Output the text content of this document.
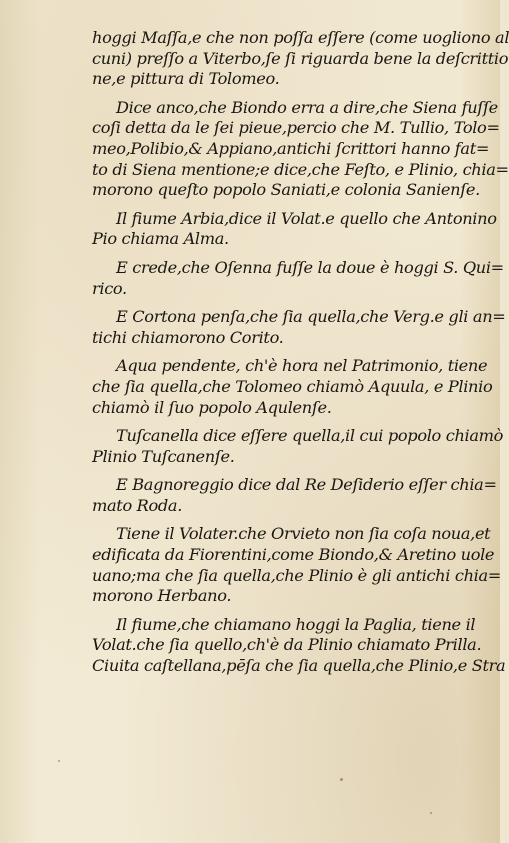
hoggi Maſſa,e che non poſſa eſſere (come uogliono al
cuni) preſſo a Viterbo,ſe ſi riguarda bene la deſcrittio
ne,e pittura di Tolomeo.
Dice anco,che Biondo erra a dire,che Siena fuſſe
coſi detta da le ſei pieue,percio che M. Tullio, Tolo=
meo,Polibio,& Appiano,antichi ſcrittori hanno fat=
to di Siena mentione;e dice,che Feſto, e Plinio, chia=
morono queſto popolo Saniati,e colonia Sanienſe.
Il fiume Arbia,dice il Volat.e quello che Antonino
Pio chiama Alma.
E crede,che Oſenna fuſſe la doue è hoggi S. Qui=
rico.
E Cortona penſa,che ſia quella,che Verg.e gli an=
tichi chiamorono Corito.
Aqua pendente, ch'è hora nel Patrimonio, tiene
che ſia quella,che Tolomeo chiamò Aquula, e Plinio
chiamò il ſuo popolo Aqulenſe.
Tuſcanella dice eſſere quella,il cui popolo chiamò
Plinio Tuſcanenſe.
E Bagnoreggio dice dal Re Deſiderio eſſer chia=
mato Roda.
Tiene il Volater.che Orvieto non ſia coſa noua,et
edificata da Fiorentini,come Biondo,& Aretino uole
uano;ma che ſia quella,che Plinio è gli antichi chia=
morono Herbano.
Il fiume,che chiamano hoggi la Paglia, tiene il
Volat.che ſia quello,ch'è da Plinio chiamato Prilla.
Ciuita caſtellana,pēſa che ſia quella,che Plinio,e Stra
